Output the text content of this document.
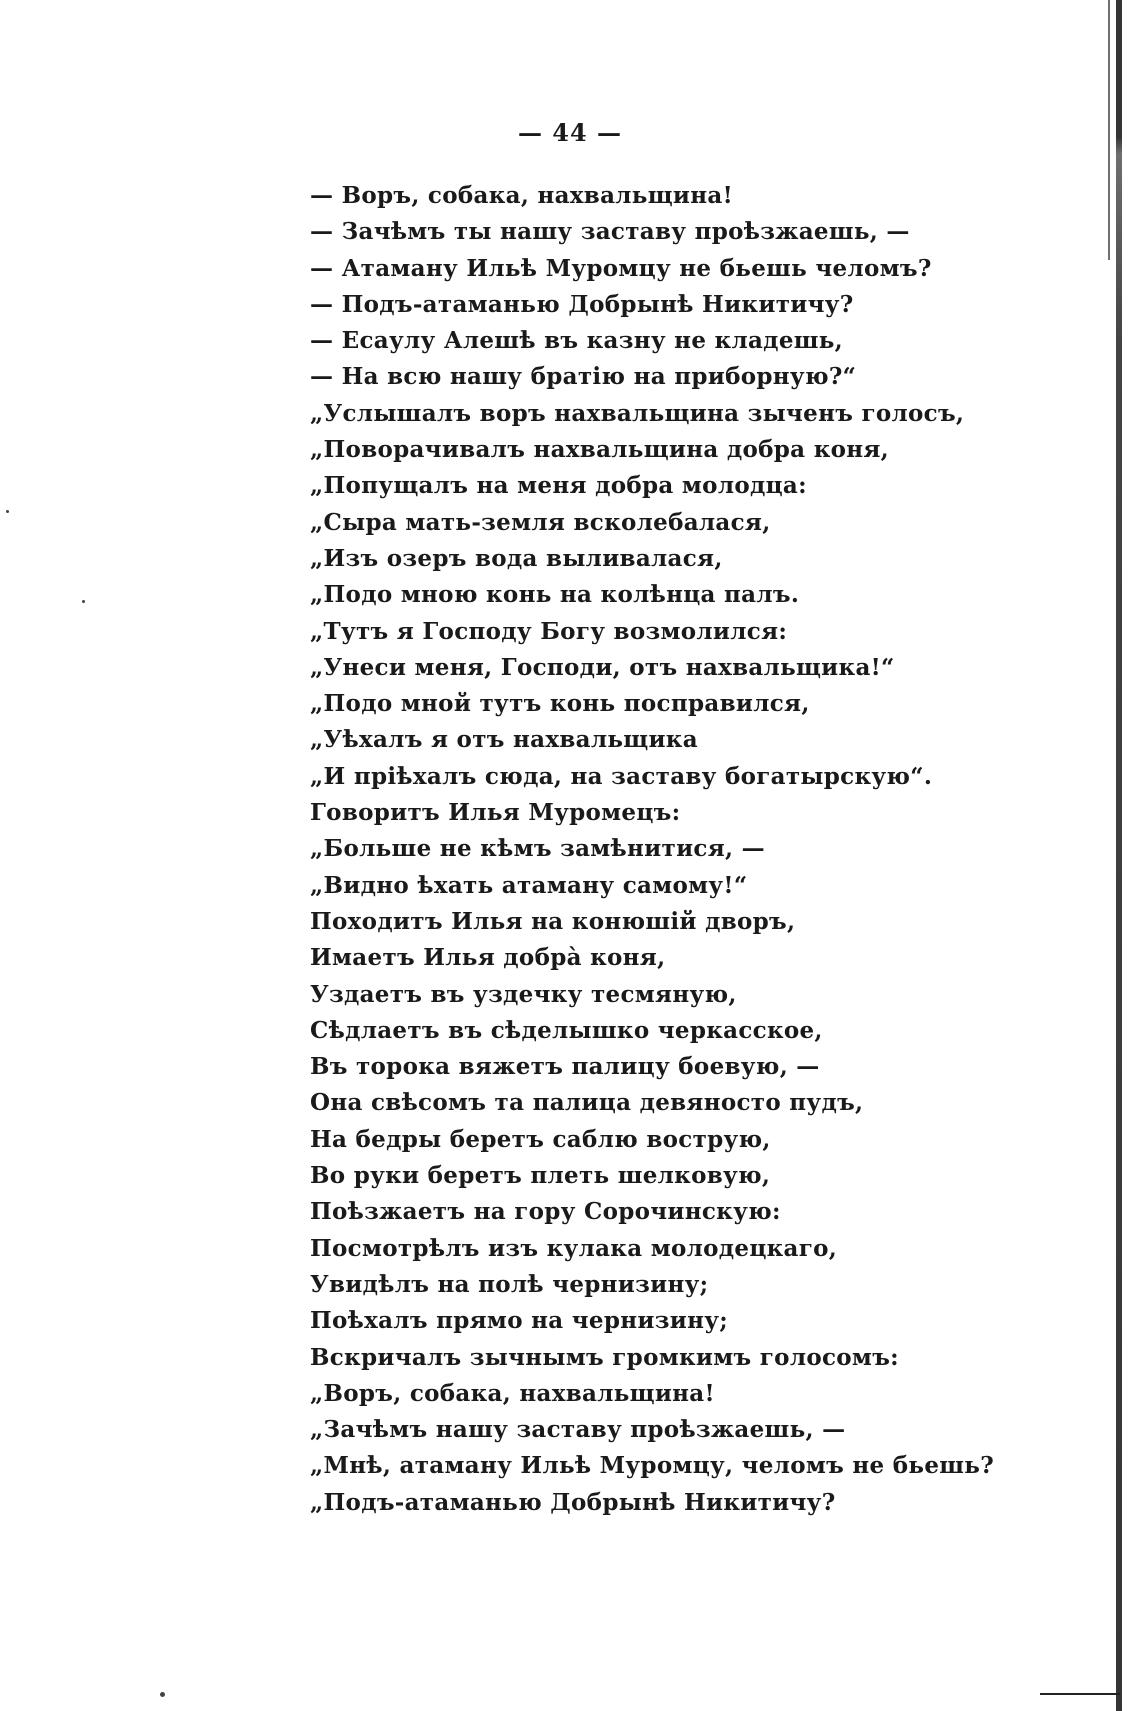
— 44 —
— Воръ, собака, нахвальщина!
— Зачѣмъ ты нашу заставу проѣзжаешь, —
— Атаману Ильѣ Муромцу не бьешь челомъ?
— Подъ-атаманью Добрынѣ Никитичу?
— Есаулу Алешѣ въ казну не кладешь,
— На всю нашу братію на приборную?“
„Услышалъ воръ нахвальщина зыченъ голосъ,
„Поворачивалъ нахвальщина добра коня,
„Попущалъ на меня добра молодца:
„Сыра мать-земля всколебалася,
„Изъ озеръ вода выливалася,
„Подо мною конь на колѣнца палъ.
„Тутъ я Господу Богу возмолился:
„Унеси меня, Господи, отъ нахвальщика!“
„Подо мной тутъ конь посправился,
„Уѣхалъ я отъ нахвальщика
„И пріѣхалъ сюда, на заставу богатырскую“.
Говоритъ Илья Муромецъ:
„Больше не кѣмъ замѣнитися, —
„Видно ѣхать атаману самому!“
Походитъ Илья на конюшій дворъ,
Имаетъ Илья добрà коня,
Уздаетъ въ уздечку тесмяную,
Сѣдлаетъ въ сѣделышко черкасское,
Въ торока вяжетъ палицу боевую, —
Она свѣсомъ та палица девяносто пудъ,
На бедры беретъ саблю вострую,
Во руки беретъ плеть шелковую,
Поѣзжаетъ на гору Сорочинскую:
Посмотрѣлъ изъ кулака молодецкаго,
Увидѣлъ на полѣ чернизину;
Поѣхалъ прямо на чернизину;
Вскричалъ зычнымъ громкимъ голосомъ:
„Воръ, собака, нахвальщина!
„Зачѣмъ нашу заставу проѣзжаешь, —
„Мнѣ, атаману Ильѣ Муромцу, челомъ не бьешь?
„Подъ-атаманью Добрынѣ Никитичу?
